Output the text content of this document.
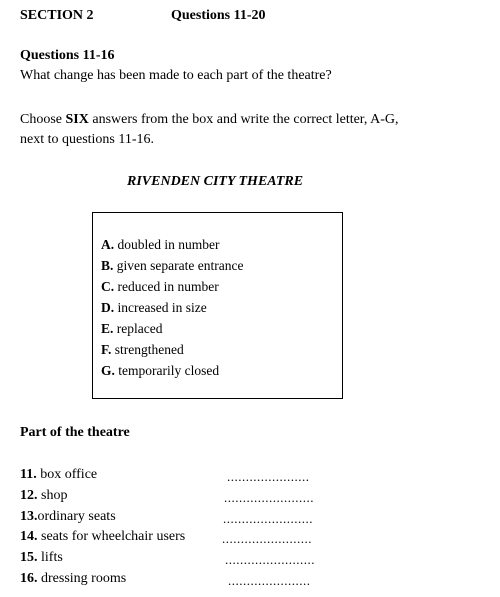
SECTION 2	Questions 11-20
Questions 11-16
What change has been made to each part of the theatre?
Choose SIX answers from the box and write the correct letter, A-G,
next to questions 11-16.
RIVENDEN CITY THEATRE
A. doubled in number
B. given separate entrance
C. reduced in number
D. increased in size
E. replaced
F. strengthened
G. temporarily closed
Part of the theatre
11. box office	......................
12. shop	........................
13.ordinary seats	........................
14. seats for wheelchair users	........................
15. lifts	........................
16. dressing rooms	......................
